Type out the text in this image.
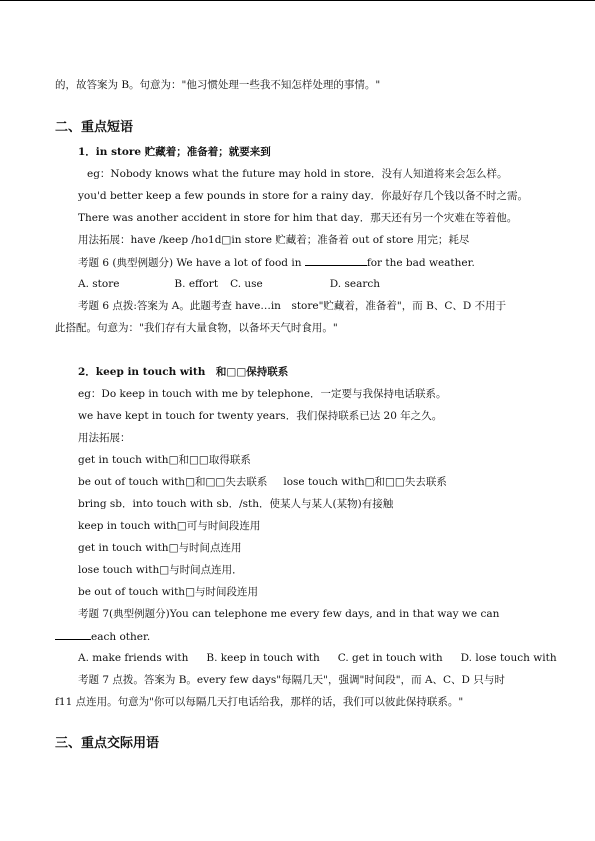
的，故答案为 B。句意为："他习惯处理一些我不知怎样处理的事情。"
二、重点短语
1．in store 贮藏着；准备着；就要来到
eg：Nobody knows what the future may hold in store．没有人知道将来会怎么样。
you'd better keep a few pounds in store for a rainy day．你最好存几个钱以备不时之需。
There was another accident in store for him that day．那天还有另一个灾难在等着他。
用法拓展：have /keep /ho1d□in store 贮藏着；准备着 out of store 用完；耗尽
考题 6 (典型例题分) We have a lot of food in	for the bad weather.
A. store	B. effort C. use	D. search
考题 6 点拨:答案为 A。此题考查 have…in　store"贮藏着，准备着"，而 B、C、D 不用于
此搭配。句意为："我们存有大量食物，以备坏天气时食用。"
2．keep in touch with　和□□保持联系
eg：Do keep in touch with me by telephone．一定要与我保持电话联系。
we have kept in touch for twenty years．我们保持联系已达 20 年之久。
用法拓展：
get in touch with□和□□取得联系
be out of touch with□和□□失去联系 lose touch with□和□□失去联系
bring sb．into touch with sb．/sth．使某人与某人(某物)有接触
keep in touch with□可与时间段连用
get in touch with□与时间点连用
lose touch with□与时间点连用．
be out of touch with□与时间段连用
考题 7(典型例题分)You can telephone me every few days, and in that way we can
each other.
A. make friends with B. keep in touch with C. get in touch with D. lose touch with
考题 7 点拨。答案为 B。every few days"每隔几天"，强调"时间段"，而 A、C、D 只与时
f11 点连用。句意为"你可以每隔几天打电话给我，那样的话，我们可以彼此保持联系。"
三、重点交际用语
